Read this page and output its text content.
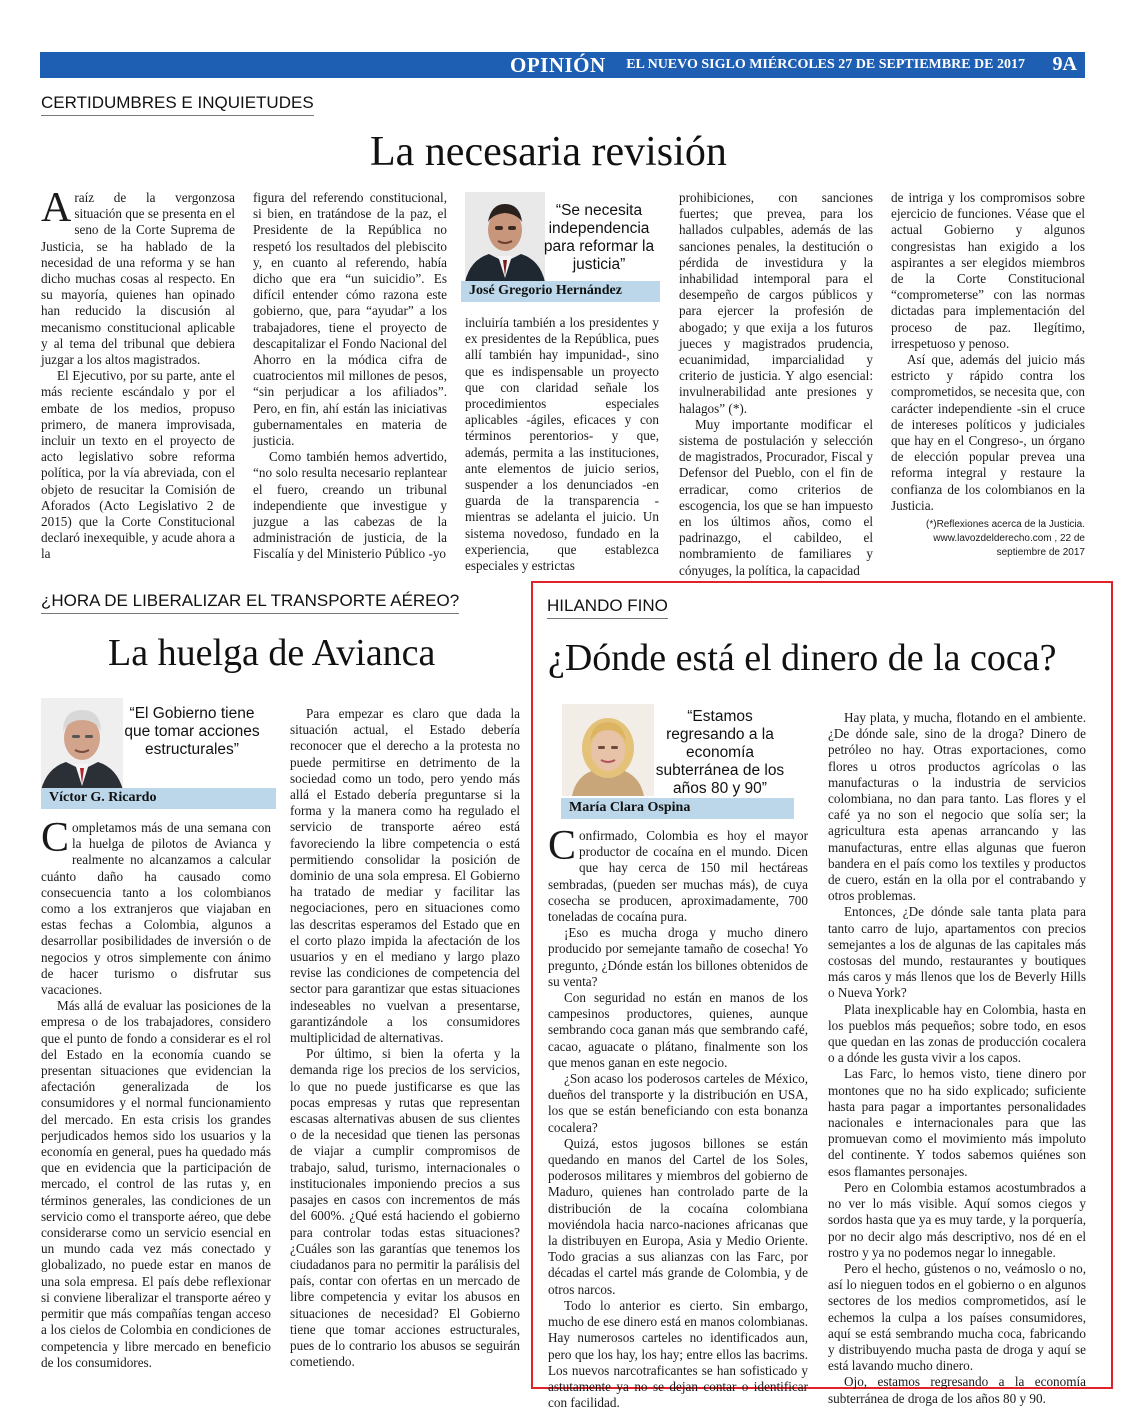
OPINIÓN EL NUEVO SIGLO MIÉRCOLES 27 DE SEPTIEMBRE DE 2017 9A
CERTIDUMBRES E INQUIETUDES
La necesaria revisión

Araíz de la vergonzosa situación que se presenta en el seno de la Corte Suprema de Justicia, se ha hablado de la necesidad de una reforma y se han dicho muchas cosas al respecto. En su mayoría, quienes han opinado han reducido la discusión al mecanismo constitucional aplicable y al tema del tribunal que debiera juzgar a los altos magistrados.

El Ejecutivo, por su parte, ante el más reciente escándalo y por el embate de los medios, propuso primero, de manera improvisada, incluir un texto en el proyecto de acto legislativo sobre reforma política, por la vía abreviada, con el objeto de resucitar la Comisión de Aforados (Acto Legislativo 2 de 2015) que la Corte Constitucional declaró inexequible, y acude ahora a la

figura del referendo constitucional, si bien, en tratándose de la paz, el Presidente de la República no respetó los resultados del plebiscito y, en cuanto al referendo, había dicho que era “un suicidio”. Es difícil entender cómo razona este gobierno, que, para “ayudar” a los trabajadores, tiene el proyecto de descapitalizar el Fondo Nacional del Ahorro en la módica cifra de cuatrocientos mil millones de pesos, “sin perjudicar a los afiliados”. Pero, en fin, ahí están las iniciativas gubernamentales en materia de justicia.

Como también hemos advertido, “no solo resulta necesario replantear el fuero, creando un tribunal independiente que investigue y juzgue a las cabezas de la administración de justicia, de la Fiscalía y del Ministerio Público -yo

“Se necesita independencia para reformar la justicia”
José Gregorio Hernández

incluiría también a los presidentes y ex presidentes de la República, pues allí también hay impunidad-, sino que es indispensable un proyecto que con claridad señale los procedimientos especiales aplicables -ágiles, eficaces y con términos perentorios- y que, además, permita a las instituciones, ante elementos de juicio serios, suspender a los denunciados -en guarda de la transparencia - mientras se adelanta el juicio. Un sistema novedoso, fundado en la experiencia, que establezca especiales y estrictas

prohibiciones, con sanciones fuertes; que prevea, para los hallados culpables, además de las sanciones penales, la destitución o pérdida de investidura y la inhabilidad intemporal para el desempeño de cargos públicos y para ejercer la profesión de abogado; y que exija a los futuros jueces y magistrados prudencia, ecuanimidad, imparcialidad y criterio de justicia. Y algo esencial: invulnerabilidad ante presiones y halagos” (*).

Muy importante modificar el sistema de postulación y selección de magistrados, Procurador, Fiscal y Defensor del Pueblo, con el fin de erradicar, como criterios de escogencia, los que se han impuesto en los últimos años, como el padrinazgo, el cabildeo, el nombramiento de familiares y cónyuges, la política, la capacidad

de intriga y los compromisos sobre ejercicio de funciones. Véase que el actual Gobierno y algunos congresistas han exigido a los aspirantes a ser elegidos miembros de la Corte Constitucional “comprometerse” con las normas dictadas para implementación del proceso de paz. Ilegítimo, irrespetuoso y penoso.

Así que, además del juicio más estricto y rápido contra los comprometidos, se necesita que, con carácter independiente -sin el cruce de intereses políticos y judiciales que hay en el Congreso-, un órgano de elección popular prevea una reforma integral y restaure la confianza de los colombianos en la Justicia.

(*)Reflexiones acerca de la Justicia. www.lavozdelderecho.com , 22 de septiembre de 2017
¿HORA DE LIBERALIZAR EL TRANSPORTE AÉREO?
La huelga de Avianca
“El Gobierno tiene que tomar acciones estructurales”
Víctor G. Ricardo

Completamos más de una semana con la huelga de pilotos de Avianca y realmente no alcanzamos a calcular cuánto daño ha causado como consecuencia tanto a los colombianos como a los extranjeros que viajaban en estas fechas a Colombia, algunos a desarrollar posibilidades de inversión o de negocios y otros simplemente con ánimo de hacer turismo o disfrutar sus vacaciones.

Más allá de evaluar las posiciones de la empresa o de los trabajadores, considero que el punto de fondo a considerar es el rol del Estado en la economía cuando se presentan situaciones que evidencian la afectación generalizada de los consumidores y el normal funcionamiento del mercado. En esta crisis los grandes perjudicados hemos sido los usuarios y la economía en general, pues ha quedado más que en evidencia que la participación de mercado, el control de las rutas y, en términos generales, las condiciones de un servicio como el transporte aéreo, que debe considerarse como un servicio esencial en un mundo cada vez más conectado y globalizado, no puede estar en manos de una sola empresa. El país debe reflexionar si conviene liberalizar el transporte aéreo y permitir que más compañías tengan acceso a los cielos de Colombia en condiciones de competencia y libre mercado en beneficio de los consumidores.

Para empezar es claro que dada la situación actual, el Estado debería reconocer que el derecho a la protesta no puede permitirse en detrimento de la sociedad como un todo, pero yendo más allá el Estado debería preguntarse si la forma y la manera como ha regulado el servicio de transporte aéreo está favoreciendo la libre competencia o está permitiendo consolidar la posición de dominio de una sola empresa. El Gobierno ha tratado de mediar y facilitar las negociaciones, pero en situaciones como las descritas esperamos del Estado que en el corto plazo impida la afectación de los usuarios y en el mediano y largo plazo revise las condiciones de competencia del sector para garantizar que estas situaciones indeseables no vuelvan a presentarse, garantizándole a los consumidores multiplicidad de alternativas.

Por último, si bien la oferta y la demanda rige los precios de los servicios, lo que no puede justificarse es que las pocas empresas y rutas que representan escasas alternativas abusen de sus clientes o de la necesidad que tienen las personas de viajar a cumplir compromisos de trabajo, salud, turismo, internacionales o institucionales imponiendo precios a sus pasajes en casos con incrementos de más del 600%. ¿Qué está haciendo el gobierno para controlar todas estas situaciones? ¿Cuáles son las garantías que tenemos los ciudadanos para no permitir la parálisis del país, contar con ofertas en un mercado de libre competencia y evitar los abusos en situaciones de necesidad? El Gobierno tiene que tomar acciones estructurales, pues de lo contrario los abusos se seguirán cometiendo.

HILANDO FINO
¿Dónde está el dinero de la coca?
“Estamos regresando a la economía subterránea de los años 80 y 90”
María Clara Ospina

Confirmado, Colombia es hoy el mayor productor de cocaína en el mundo. Dicen que hay cerca de 150 mil hectáreas sembradas, (pueden ser muchas más), de cuya cosecha se producen, aproximadamente, 700 toneladas de cocaína pura.

¡Eso es mucha droga y mucho dinero producido por semejante tamaño de cosecha! Yo pregunto, ¿Dónde están los billones obtenidos de su venta?

Con seguridad no están en manos de los campesinos productores, quienes, aunque sembrando coca ganan más que sembrando café, cacao, aguacate o plátano, finalmente son los que menos ganan en este negocio.

¿Son acaso los poderosos carteles de México, dueños del transporte y la distribución en USA, los que se están beneficiando con esta bonanza cocalera?

Quizá, estos jugosos billones se están quedando en manos del Cartel de los Soles, poderosos militares y miembros del gobierno de Maduro, quienes han controlado parte de la distribución de la cocaína colombiana moviéndola hacia narco-naciones africanas que la distribuyen en Europa, Asia y Medio Oriente. Todo gracias a sus alianzas con las Farc, por décadas el cartel más grande de Colombia, y de otros narcos.

Todo lo anterior es cierto. Sin embargo, mucho de ese dinero está en manos colombianas. Hay numerosos carteles no identificados aun, pero que los hay, los hay; entre ellos las bacrims. Los nuevos narcotraficantes se han sofisticado y astutamente ya no se dejan contar o identificar con facilidad.

Hay plata, y mucha, flotando en el ambiente. ¿De dónde sale, sino de la droga? Dinero de petróleo no hay. Otras exportaciones, como flores u otros productos agrícolas o las manufacturas o la industria de servicios colombiana, no dan para tanto. Las flores y el café ya no son el negocio que solía ser; la agricultura esta apenas arrancando y las manufacturas, entre ellas algunas que fueron bandera en el país como los textiles y productos de cuero, están en la olla por el contrabando y otros problemas.

Entonces, ¿De dónde sale tanta plata para tanto carro de lujo, apartamentos con precios semejantes a los de algunas de las capitales más costosas del mundo, restaurantes y boutiques más caros y más llenos que los de Beverly Hills o Nueva York?

Plata inexplicable hay en Colombia, hasta en los pueblos más pequeños; sobre todo, en esos que quedan en las zonas de producción cocalera o a dónde les gusta vivir a los capos.

Las Farc, lo hemos visto, tiene dinero por montones que no ha sido explicado; suficiente hasta para pagar a importantes personalidades nacionales e internacionales para que las promuevan como el movimiento más impoluto del continente. Y todos sabemos quiénes son esos flamantes personajes.

Pero en Colombia estamos acostumbrados a no ver lo más visible. Aquí somos ciegos y sordos hasta que ya es muy tarde, y la porquería, por no decir algo más descriptivo, nos dé en el rostro y ya no podemos negar lo innegable.

Pero el hecho, gústenos o no, veámoslo o no, así lo nieguen todos en el gobierno o en algunos sectores de los medios comprometidos, así le echemos la culpa a los países consumidores, aquí se está sembrando mucha coca, fabricando y distribuyendo mucha pasta de droga y aquí se está lavando mucho dinero.

Ojo, estamos regresando a la economía subterránea de droga de los años 80 y 90.
